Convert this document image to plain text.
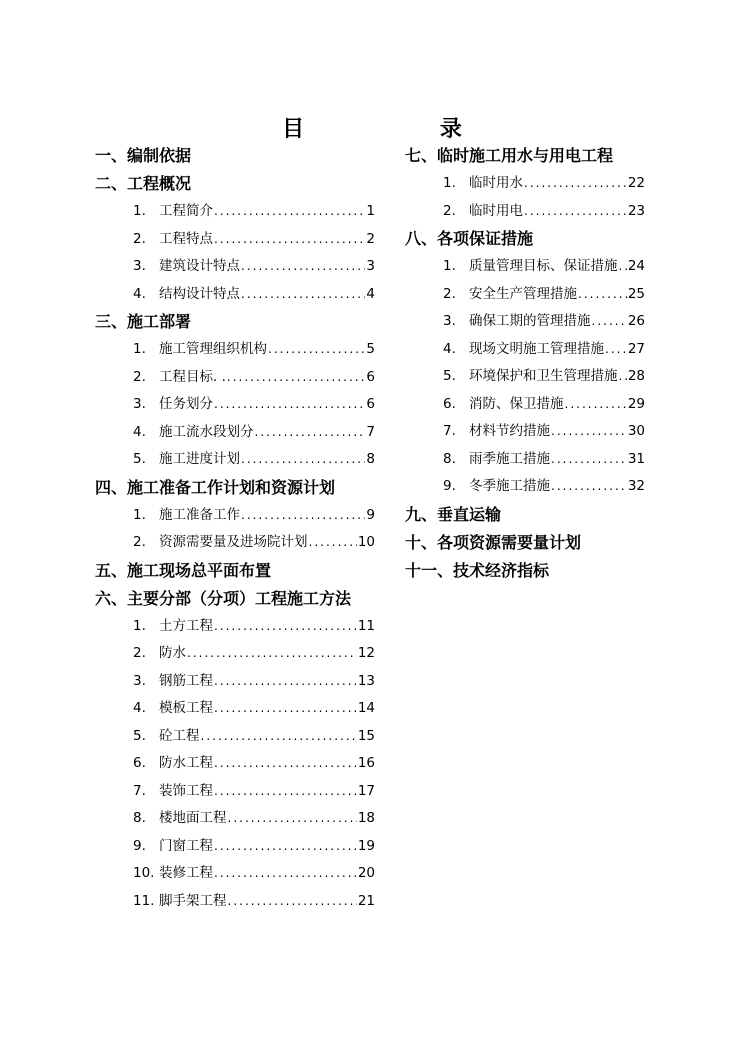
目 录
一、编制依据
二、工程概况
1. 工程简介 .....	1
2. 工程特点 .....	2
3. 建筑设计特点 .....	3
4. 结构设计特点 .....	4
三、施工部署
1. 施工管理组织机构 .....	5
2. 工程目标. . .....	6
3. 任务划分 .....	6
4. 施工流水段划分 .....	7
5. 施工进度计划 .....	8
四、施工准备工作计划和资源计划
1. 施工准备工作 .....	9
2. 资源需要量及进场院计划 .....	10
五、施工现场总平面布置
六、主要分部（分项）工程施工方法
1. 土方工程 .....	11
2. 防水 .....	12
3. 钢筋工程 .....	13
4. 模板工程 .....	14
5. 砼工程 .....	15
6. 防水工程 .....	16
7. 装饰工程 .....	17
8. 楼地面工程 .....	18
9. 门窗工程 .....	19
10. 装修工程 .....	20
11. 脚手架工程 .....	21
七、临时施工用水与用电工程
1. 临时用水 .....	22
2. 临时用电 .....	23
八、各项保证措施
1. 质量管理目标、保证措施 ..... 24
2. 安全生产管理措施 .....	25
3. 确保工期的管理措施 .....	26
4. 现场文明施工管理措施 ..... 27
5. 环境保护和卫生管理措施 ..... 28
6. 消防、保卫措施 .....	29
7. 材料节约措施 .....	30
8. 雨季施工措施 .....	31
9. 冬季施工措施 .....	32
九、垂直运输
十、各项资源需要量计划
十一、技术经济指标
